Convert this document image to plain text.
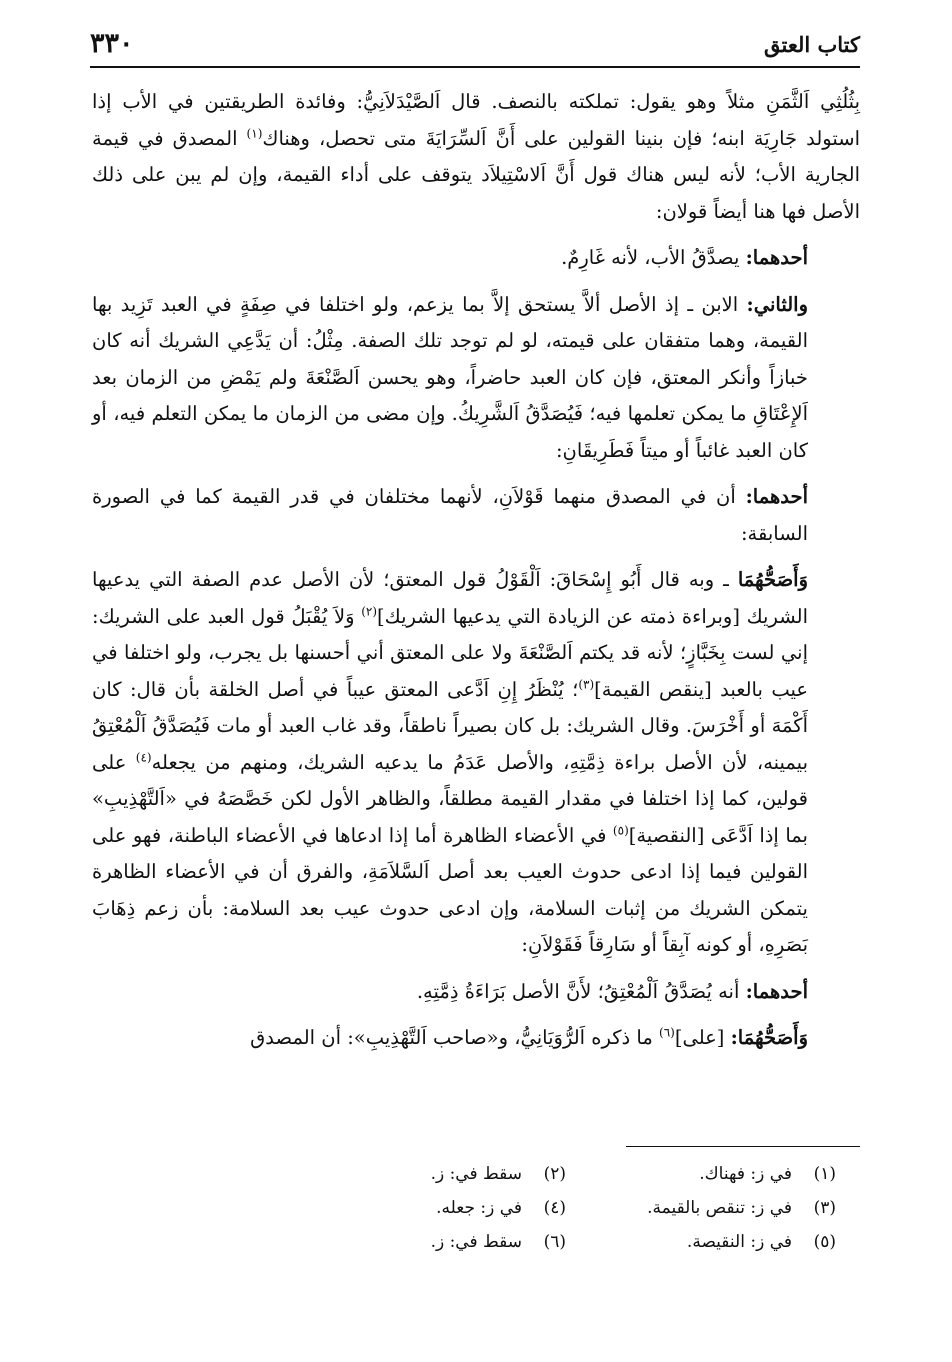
كتاب العتق
٣٣٠

بِثُلُثِي اَلثَّمَنِ مثلاً وهو يقول: تملكته بالنصف. قال اَلصَّيْدَلاَنِيُّ: وفائدة الطريقتين في الأب إذا استولد جَارِيَة ابنه؛ فإن بنينا القولين على أَنَّ اَلسِّرَايَةَ متى تحصل، وهناك$^{(١)}$ المصدق في قيمة الجارية الأب؛ لأنه ليس هناك قول أَنَّ اَلاسْتِيلاَد يتوقف على أداء القيمة، وإن لم يبن على ذلك الأصل فها هنا أيضاً قولان:

أحدهما: يصدَّقُ الأب، لأنه غَارِمٌ.

والثاني: الابن ـ إذ الأصل ألاَّ يستحق إلاَّ بما يزعم، ولو اختلفا في صِفَةٍ في العبد تَزِيد بها القيمة، وهما متفقان على قيمته، لو لم توجد تلك الصفة. مِثْلُ: أن يَدَّعِي الشريك أنه كان خبازاً وأنكر المعتق، فإن كان العبد حاضراً، وهو يحسن اَلصَّنْعَةَ ولم يَمْضِ من الزمان بعد اَلإِعْتَاقِ ما يمكن تعلمها فيه؛ فَيُصَدَّقُ اَلشَّرِيكُ. وإن مضى من الزمان ما يمكن التعلم فيه، أو كان العبد غائباً أو ميتاً فَطَرِيقَانِ:

أحدهما: أن في المصدق منهما قَوْلاَنِ، لأنهما مختلفان في قدر القيمة كما في الصورة السابقة:

وَأَصَحُّهُمَا ـ وبه قال أَبُو إِسْحَاقَ: اَلْقَوْلُ قول المعتق؛ لأن الأصل عدم الصفة التي يدعيها الشريك [وبراءة ذمته عن الزيادة التي يدعيها الشريك]$^{(٢)}$ وَلاَ يُقْبَلُ قول العبد على الشريك: إني لست بِخَبَّازٍ؛ لأنه قد يكتم اَلصَّنْعَةَ ولا على المعتق أني أحسنها بل يجرب، ولو اختلفا في عيب بالعبد [ينقص القيمة]$^{(٣)}$؛ يُنْظَرُ إِنِ اَدَّعى المعتق عيباً في أصل الخلقة بأن قال: كان أَكْمَهَ أو أَخْرَسَ. وقال الشريك: بل كان بصيراً ناطقاً، وقد غاب العبد أو مات فَيُصَدَّقُ اَلْمُعْتِقُ بيمينه، لأن الأصل براءة ذِمَّتِهِ، والأصل عَدَمُ ما يدعيه الشريك، ومنهم من يجعله$^{(٤)}$ على قولين، كما إذا اختلفا في مقدار القيمة مطلقاً، والظاهر الأول لكن خَصَّصَهُ في «اَلتَّهْذِيبِ» بما إذا اَدَّعَى [النقصية]$^{(٥)}$ في الأعضاء الظاهرة أما إذا ادعاها في الأعضاء الباطنة، فهو على القولين فيما إذا ادعى حدوث العيب بعد أصل اَلسَّلاَمَةِ، والفرق أن في الأعضاء الظاهرة يتمكن الشريك من إثبات السلامة، وإن ادعى حدوث عيب بعد السلامة: بأن زعم ذِهَابَ بَصَرِهِ، أو كونه آبِقاً أو سَارِقاً فَقَوْلاَنِ:

أحدهما: أنه يُصَدَّقُ اَلْمُعْتِقُ؛ لأَنَّ الأصل بَرَاءَةُ ذِمَّتِهِ.

وَأَصَحُّهُمَا: [على]$^{(٦)}$ ما ذكره اَلرُّوَيَانِيُّ، و«صاحب اَلتَّهْذِيبِ»: أن المصدق

(١)في ز: فهناك.
(٢)سقط في: ز.
(٣)في ز: تنقص بالقيمة.
(٤)في ز: جعله.
(٥)في ز: النقيصة.
(٦)سقط في: ز.
